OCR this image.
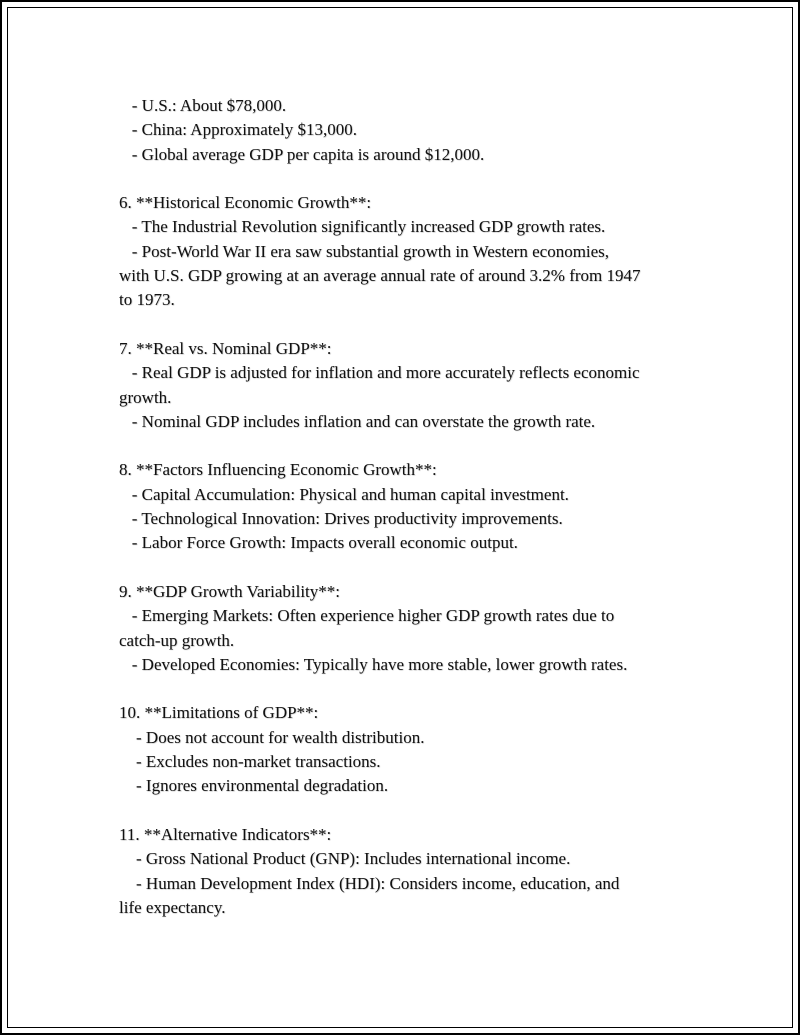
- U.S.: About $78,000.
- China: Approximately $13,000.
- Global average GDP per capita is around $12,000.
6. **Historical Economic Growth**:
- The Industrial Revolution significantly increased GDP growth rates.
- Post-World War II era saw substantial growth in Western economies,
with U.S. GDP growing at an average annual rate of around 3.2% from 1947
to 1973.
7. **Real vs. Nominal GDP**:
- Real GDP is adjusted for inflation and more accurately reflects economic
growth.
- Nominal GDP includes inflation and can overstate the growth rate.
8. **Factors Influencing Economic Growth**:
- Capital Accumulation: Physical and human capital investment.
- Technological Innovation: Drives productivity improvements.
- Labor Force Growth: Impacts overall economic output.
9. **GDP Growth Variability**:
- Emerging Markets: Often experience higher GDP growth rates due to
catch-up growth.
- Developed Economies: Typically have more stable, lower growth rates.
10. **Limitations of GDP**:
- Does not account for wealth distribution.
- Excludes non-market transactions.
- Ignores environmental degradation.
11. **Alternative Indicators**:
- Gross National Product (GNP): Includes international income.
- Human Development Index (HDI): Considers income, education, and
life expectancy.
